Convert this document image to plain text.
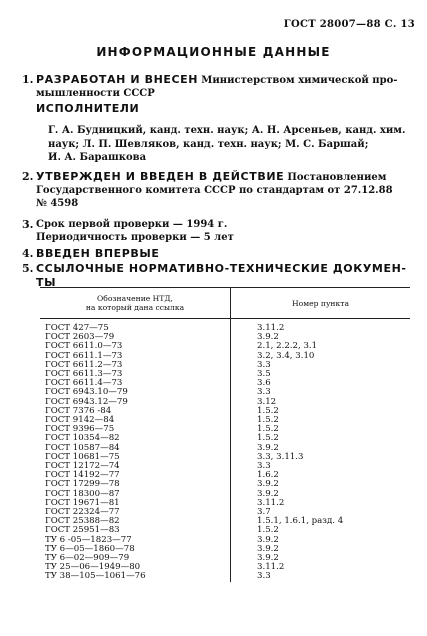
ГОСТ 28007—88 С. 13
ИНФОРМАЦИОННЫЕ ДАННЫЕ
1. РАЗРАБОТАН И ВНЕСЕН Министерством химической про-
мышленности СССР
ИСПОЛНИТЕЛИ
Г. А. Будницкий, канд. техн. наук; А. Н. Арсеньев, канд. хим.
наук; Л. П. Шевляков, канд. техн. наук; М. С. Баршай;
И. А. Барашкова
2. УТВЕРЖДЕН И ВВЕДЕН В ДЕЙСТВИЕ Постановлением
Государственного комитета СССР по стандартам от 27.12.88
№ 4598
3. Срок первой проверки — 1994 г.
Периодичность проверки — 5 лет
4. ВВЕДЕН ВПЕРВЫЕ
5. ССЫЛОЧНЫЕ НОРМАТИВНО-ТЕХНИЧЕСКИЕ ДОКУМЕН-
ТЫ
Обозначение НТД,
на который дана ссылка	Номер пункта
ГОСТ 427—75	3.11.2
ГОСТ 2603—79	3.9.2
ГОСТ 6611.0—73	2.1, 2.2.2, 3.1
ГОСТ 6611.1—73	3.2, 3.4, 3.10
ГОСТ 6611.2—73	3.3
ГОСТ 6611.3—73	3.5
ГОСТ 6611.4—73	3.6
ГОСТ 6943.10—79	3.3
ГОСТ 6943.12—79	3.12
ГОСТ 7376 -84	1.5.2
ГОСТ 9142—84	1.5.2
ГОСТ 9396—75	1.5.2
ГОСТ 10354—82	1.5.2
ГОСТ 10587—84	3.9.2
ГОСТ 10681—75	3.3, 3.11.3
ГОСТ 12172—74	3.3
ГОСТ 14192—77	1.6.2
ГОСТ 17299—78	3.9.2
ГОСТ 18300—87	3.9.2
ГОСТ 19671—81	3.11.2
ГОСТ 22324—77	3.7
ГОСТ 25388—82	1.5.1, 1.6.1, разд. 4
ГОСТ 25951—83	1.5.2
ТУ 6 -05—1823—77	3.9.2
ТУ 6—05—1860—78	3.9.2
ТУ 6—02—909—79	3.9.2
ТУ 25—06—1949—80	3.11.2
ТУ 38—105—1061—76	3.3
